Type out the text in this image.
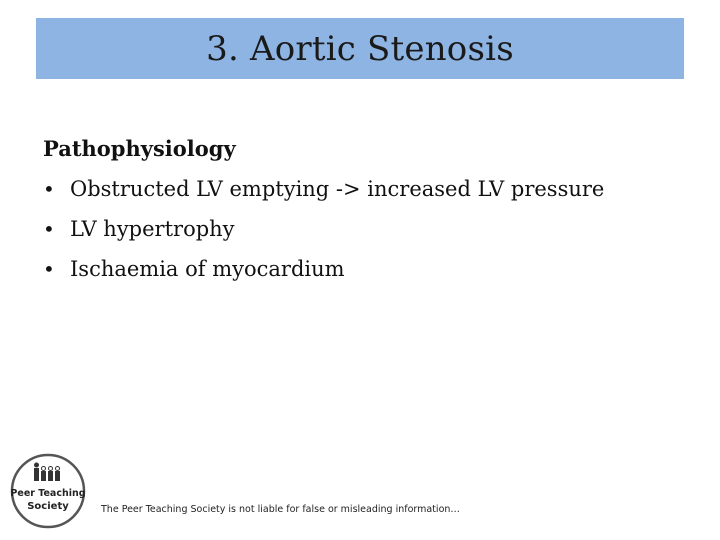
3. Aortic Stenosis
Pathophysiology
• Obstructed LV emptying -> increased LV pressure
• LV hypertrophy
• Ischaemia of myocardium
Peer Teaching
Society	The Peer Teaching Society is not liable for false or misleading information…
